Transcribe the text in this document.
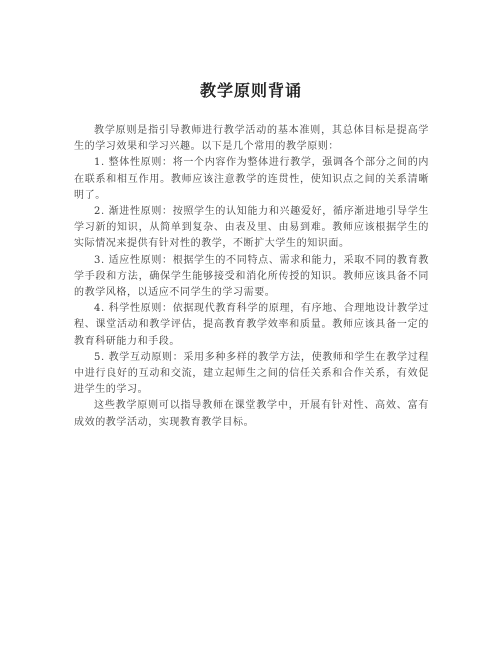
教学原则背诵

教学原则是指引导教师进行教学活动的基本准则，其总体目标是提高学生的学习效果和学习兴趣。以下是几个常用的教学原则：

1. 整体性原则：将一个内容作为整体进行教学，强调各个部分之间的内在联系和相互作用。教师应该注意教学的连贯性，使知识点之间的关系清晰明了。

2. 渐进性原则：按照学生的认知能力和兴趣爱好，循序渐进地引导学生学习新的知识，从简单到复杂、由表及里、由易到难。教师应该根据学生的实际情况来提供有针对性的教学，不断扩大学生的知识面。

3. 适应性原则：根据学生的不同特点、需求和能力，采取不同的教育教学手段和方法，确保学生能够接受和消化所传授的知识。教师应该具备不同的教学风格，以适应不同学生的学习需要。

4. 科学性原则：依据现代教育科学的原理，有序地、合理地设计教学过程、课堂活动和教学评估，提高教育教学效率和质量。教师应该具备一定的教育科研能力和手段。

5. 教学互动原则：采用多种多样的教学方法，使教师和学生在教学过程中进行良好的互动和交流，建立起师生之间的信任关系和合作关系，有效促进学生的学习。

这些教学原则可以指导教师在课堂教学中，开展有针对性、高效、富有成效的教学活动，实现教育教学目标。
